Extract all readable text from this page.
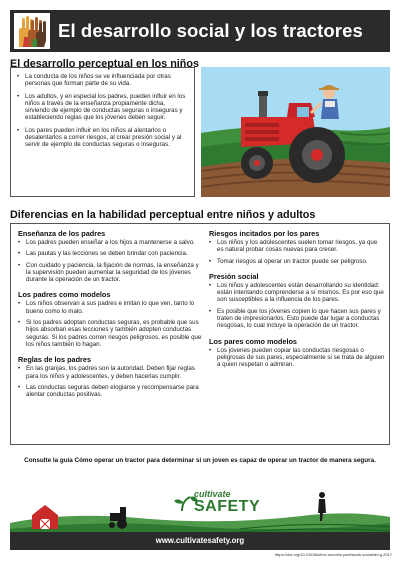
El desarrollo social y los tractores
El desarrollo perceptual en los niños
• La conducta de los niños se ve influenciada por otras personas que forman parte de su vida.
• Los adultos, y en especial los padres, pueden influir en los niños a través de la enseñanza propiamente dicha, sirviendo de ejemplo de conductas seguras o inseguras y estableciendo reglas que los jóvenes deben seguir.
• Los pares pueden influir en los niños al alentarlos o desalentarlos a correr riesgos, al crear presión social y al servir de ejemplo de conductas seguras o inseguras.
Diferencias en la habilidad perceptual entre niños y adultos
Enseñanza de los padres
• Los padres pueden enseñar a los hijos a mantenerse a salvo.
• Las pautas y las lecciones se deben brindar con paciencia.
• Con cuidado y paciencia, la fijación de normas, la enseñanza y la supervisión pueden aumentar la seguridad de los jóvenes durante la operación de un tractor.
Los padres como modelos
• Los niños observan a sus padres e imitan lo que ven, tanto lo bueno como lo malo.
• Si los padres adoptan conductas seguras, es probable que sus hijos absorban esas lecciones y también adopten conductas seguras. Si los padres corren riesgos peligrosos, es posible que los niños también lo hagan.
Reglas de los padres
• En las granjas, los padres son la autoridad. Deben fijar reglas para los niños y adolescentes, y deben hacerlas cumplir.
• Las conductas seguras deben elogiarse y recompensarse para alentar conductas positivas.
Riesgos incitados por los pares
• Los niños y los adolescentes suelen tomar riesgos, ya que es natural probar cosas nuevas para crecer.
• Tomar riesgos al operar un tractor puede ser peligroso.
Presión social
• Los niños y adolescentes están desarrollando su identidad: están intentando comprenderse a sí mismos. Es por eso que son susceptibles a la influencia de los pares.
• Es posible que los jóvenes copien lo que hacen sus pares y traten de impresionarlos. Esto puede dar lugar a conductas riesgosas, lo cual incluye la operación de un tractor.
Los pares como modelos
• Los jóvenes pueden copiar las conductas riesgosas o peligrosas de sus pares, especialmente si se trata de alguien a quien respetan o admiran.
Consulte la guía Cómo operar un tractor para determinar si un joven es capaz de operar un tractor de manera segura.
cultivate
SAFETY
www.cultivatesafety.org
https://doi.org/10.21636/nfmc.nccrahs.youthwork.socialdev.g.2017
